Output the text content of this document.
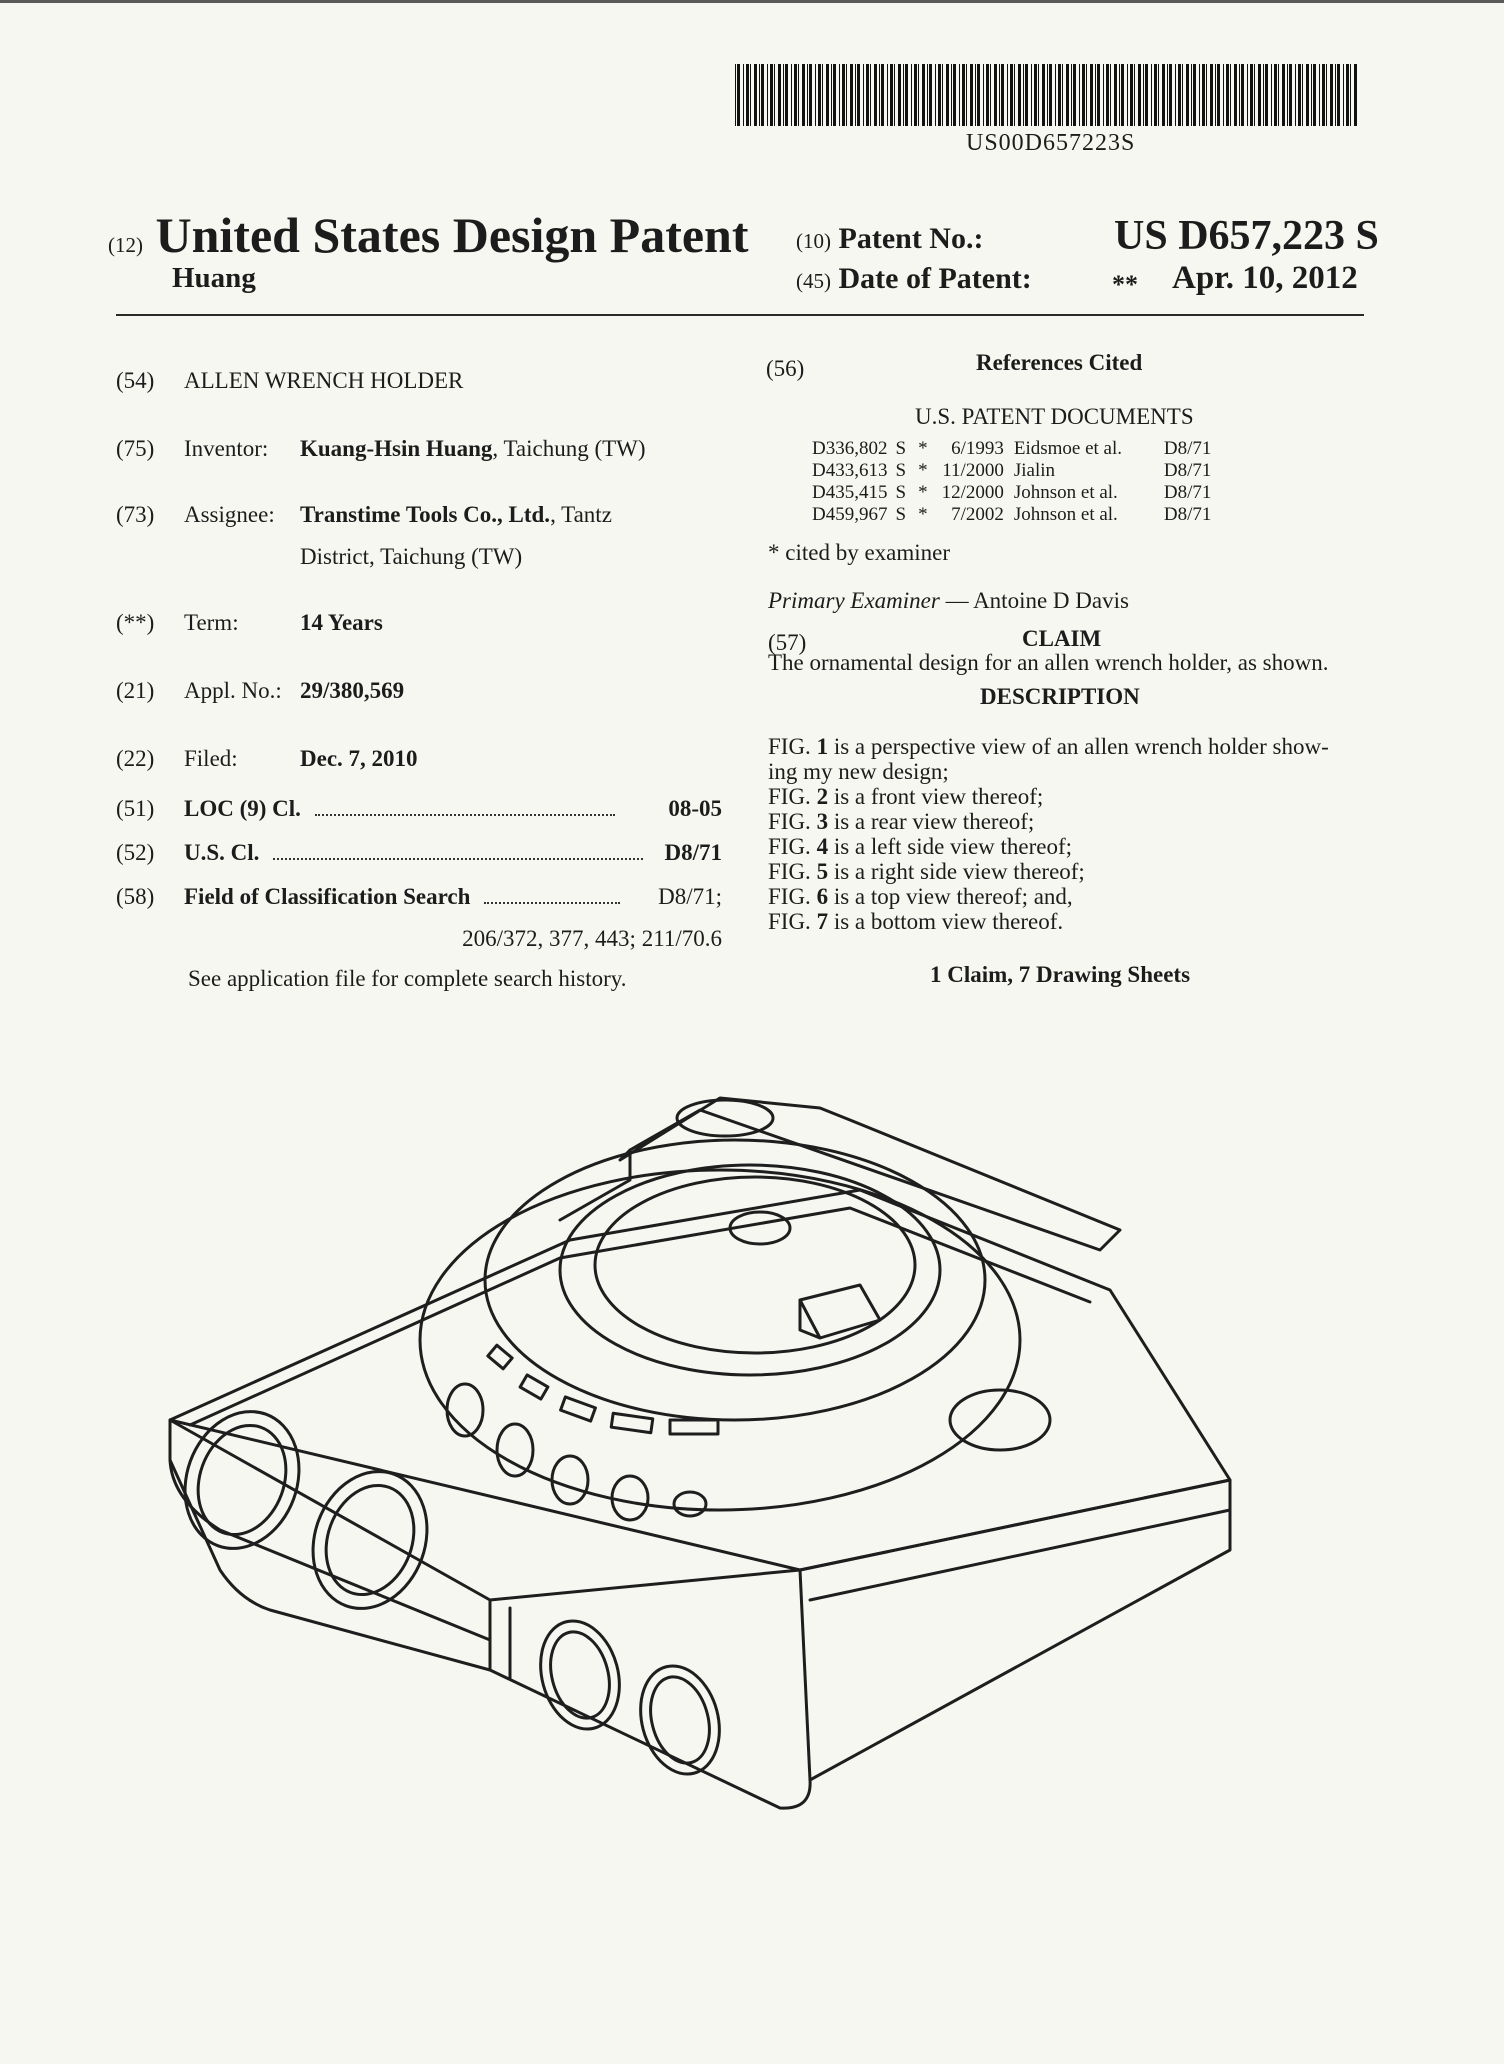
US00D657223S
(12) United States Design Patent
Huang
(10) Patent No.:	US D657,223 S
(45) Date of Patent:	** Apr. 10, 2012
(54) ALLEN WRENCH HOLDER
(75) Inventor: Kuang-Hsin Huang, Taichung (TW)
(73) Assignee: Transtime Tools Co., Ltd., Tantz
District, Taichung (TW)
(**) Term:	14 Years
(21) Appl. No.: 29/380,569
(22) Filed:	Dec. 7, 2010
(51) LOC (9) Cl.	08-05
(52) U.S. Cl.	D8/71
(58) Field of Classification Search	D8/71;
206/372, 377, 443; 211/70.6
See application file for complete search history.
(56)	References Cited
U.S. PATENT DOCUMENTS
D336,802	S	*	6/1993	Eidsmoe et al.	D8/71
D433,613	S	*	11/2000	Jialin	D8/71
D435,415	S	*	12/2000	Johnson et al.	D8/71
D459,967	S	*	7/2002	Johnson et al.	D8/71
* cited by examiner
Primary Examiner — Antoine D Davis
(57)	CLAIM
The ornamental design for an allen wrench holder, as shown.
DESCRIPTION
FIG. 1 is a perspective view of an allen wrench holder show-
ing my new design;
FIG. 2 is a front view thereof;
FIG. 3 is a rear view thereof;
FIG. 4 is a left side view thereof;
FIG. 5 is a right side view thereof;
FIG. 6 is a top view thereof; and,
FIG. 7 is a bottom view thereof.
1 Claim, 7 Drawing Sheets
